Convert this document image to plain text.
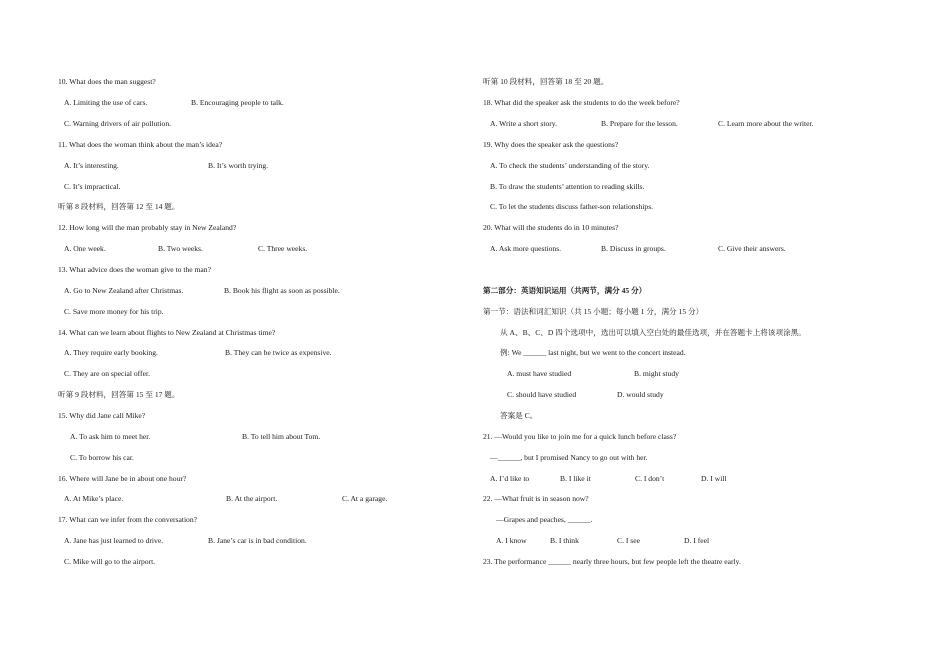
10. What does the man suggest?
A. Limiting the use of cars.	B. Encouraging people to talk.
C. Warning drivers of air pollution.
11. What does the woman think about the man’s idea?
A. It’s interesting.	B. It’s worth trying.
C. It’s impractical.
听第 8 段材料，回答第 12 至 14 题。
12. How long will the man probably stay in New Zealand?
A. One week.	B. Two weeks.	C. Three weeks.
13. What advice does the woman give to the man?
A. Go to New Zealand after Christmas.	B. Book his flight as soon as possible.
C. Save more money for his trip.
14. What can we learn about flights to New Zealand at Christmas time?
A. They require early booking.	B. They can be twice as expensive.
C. They are on special offer.
听第 9 段材料，回答第 15 至 17 题。
15. Why did Jane call Mike?
A. To ask him to meet her.	B. To tell him about Tom.
C. To borrow his car.
16. Where will Jane be in about one hour?
A. At Mike’s place.	B. At the airport.	C. At a garage.
17. What can we infer from the conversation?
A. Jane has just learned to drive.	B. Jane’s car is in bad condition.
C. Mike will go to the airport.
听第 10 段材料，回答第 18 至 20 题。
18. What did the speaker ask the students to do the week before?
A. Write a short story.	B. Prepare for the lesson.	C. Learn more about the writer.
19. Why does the speaker ask the questions?
A. To check the students’ understanding of the story.
B. To draw the students’ attention to reading skills.
C. To let the students discuss father-son relationships.
20. What will the students do in 10 minutes?
A. Ask more questions.	B. Discuss in groups.	C. Give their answers.
第二部分：英语知识运用（共两节，满分 45 分）
第一节：语法和词汇知识（共 15 小题；每小题 1 分，满分 15 分）
从 A、B、C、D 四个选项中，选出可以填入空白处的最佳选项，并在答题卡上将该项涂黑。
例: We ______ last night, but we went to the concert instead.
A. must have studied	B. might study
C. should have studied	D. would study
答案是 C。
21. —Would you like to join me for a quick lunch before class?
—______, but I promised Nancy to go out with her.
A. I’d like to	B. I like it	C. I don’t	D. I will
22. —What fruit is in season now?
—Grapes and peaches, ______.
A. I know	B. I think	C. I see	D. I feel
23. The performance ______ nearly three hours, but few people left the theatre early.
